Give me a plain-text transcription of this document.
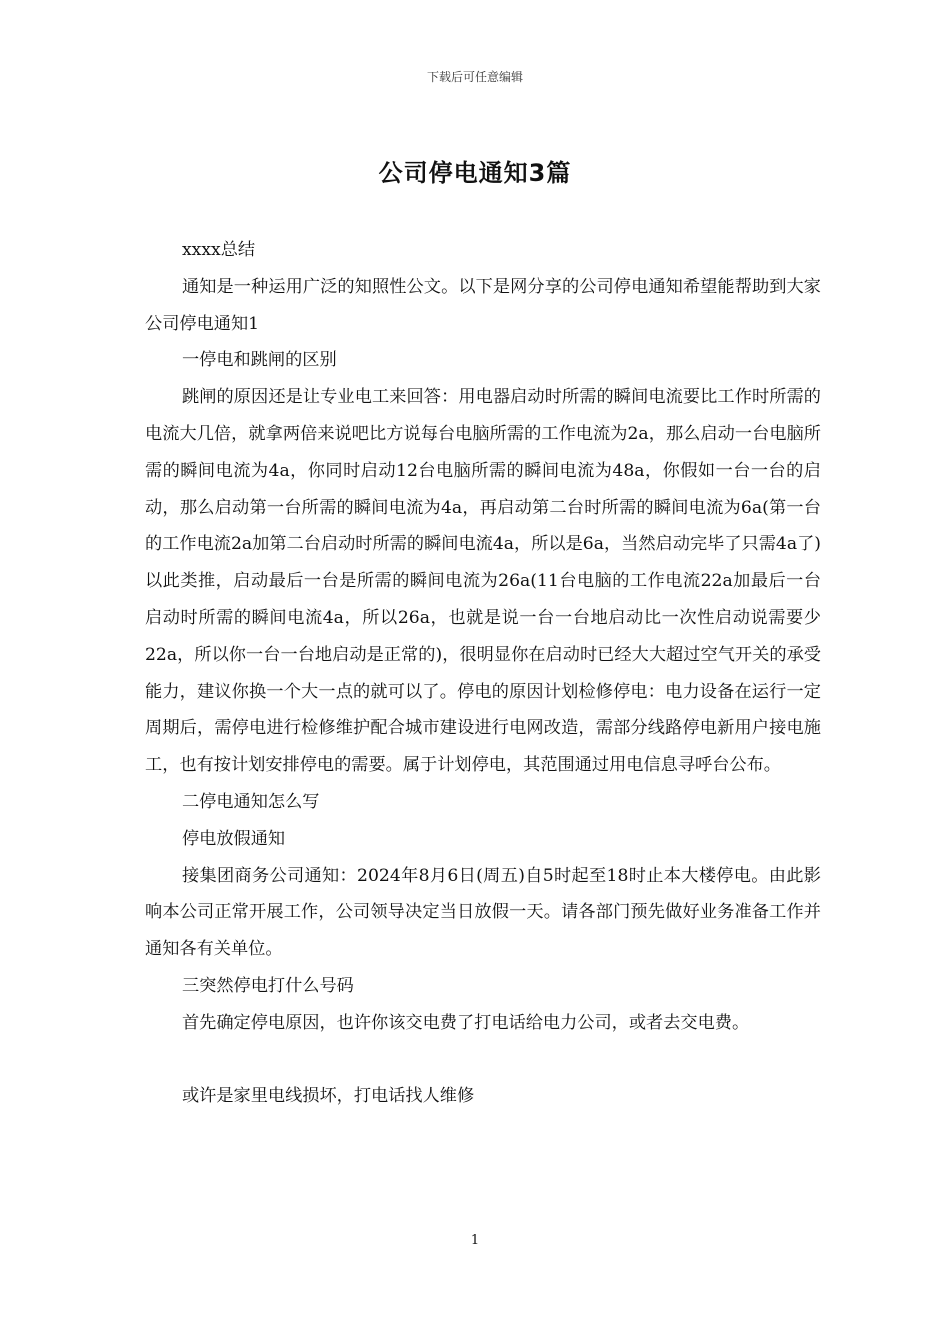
下载后可任意编辑
公司停电通知3篇

xxxx总结

通知是一种运用广泛的知照性公文。以下是网分享的公司停电通知希望能帮助到大家公司停电通知1

一停电和跳闸的区别

跳闸的原因还是让专业电工来回答：用电器启动时所需的瞬间电流要比工作时所需的电流大几倍，就拿两倍来说吧比方说每台电脑所需的工作电流为2a，那么启动一台电脑所需的瞬间电流为4a，你同时启动12台电脑所需的瞬间电流为48a，你假如一台一台的启动，那么启动第一台所需的瞬间电流为4a，再启动第二台时所需的瞬间电流为6a(第一台的工作电流2a加第二台启动时所需的瞬间电流4a，所以是6a，当然启动完毕了只需4a了)以此类推，启动最后一台是所需的瞬间电流为26a(11台电脑的工作电流22a加最后一台启动时所需的瞬间电流4a，所以26a，也就是说一台一台地启动比一次性启动说需要少22a，所以你一台一台地启动是正常的)，很明显你在启动时已经大大超过空气开关的承受能力，建议你换一个大一点的就可以了。停电的原因计划检修停电：电力设备在运行一定周期后，需停电进行检修维护配合城市建设进行电网改造，需部分线路停电新用户接电施工，也有按计划安排停电的需要。属于计划停电，其范围通过用电信息寻呼台公布。

二停电通知怎么写

停电放假通知

接集团商务公司通知：2024年8月6日(周五)自5时起至18时止本大楼停电。由此影响本公司正常开展工作，公司领导决定当日放假一天。请各部门预先做好业务准备工作并通知各有关单位。

三突然停电打什么号码

首先确定停电原因，也许你该交电费了打电话给电力公司，或者去交电费。

或许是家里电线损坏，打电话找人维修

1
